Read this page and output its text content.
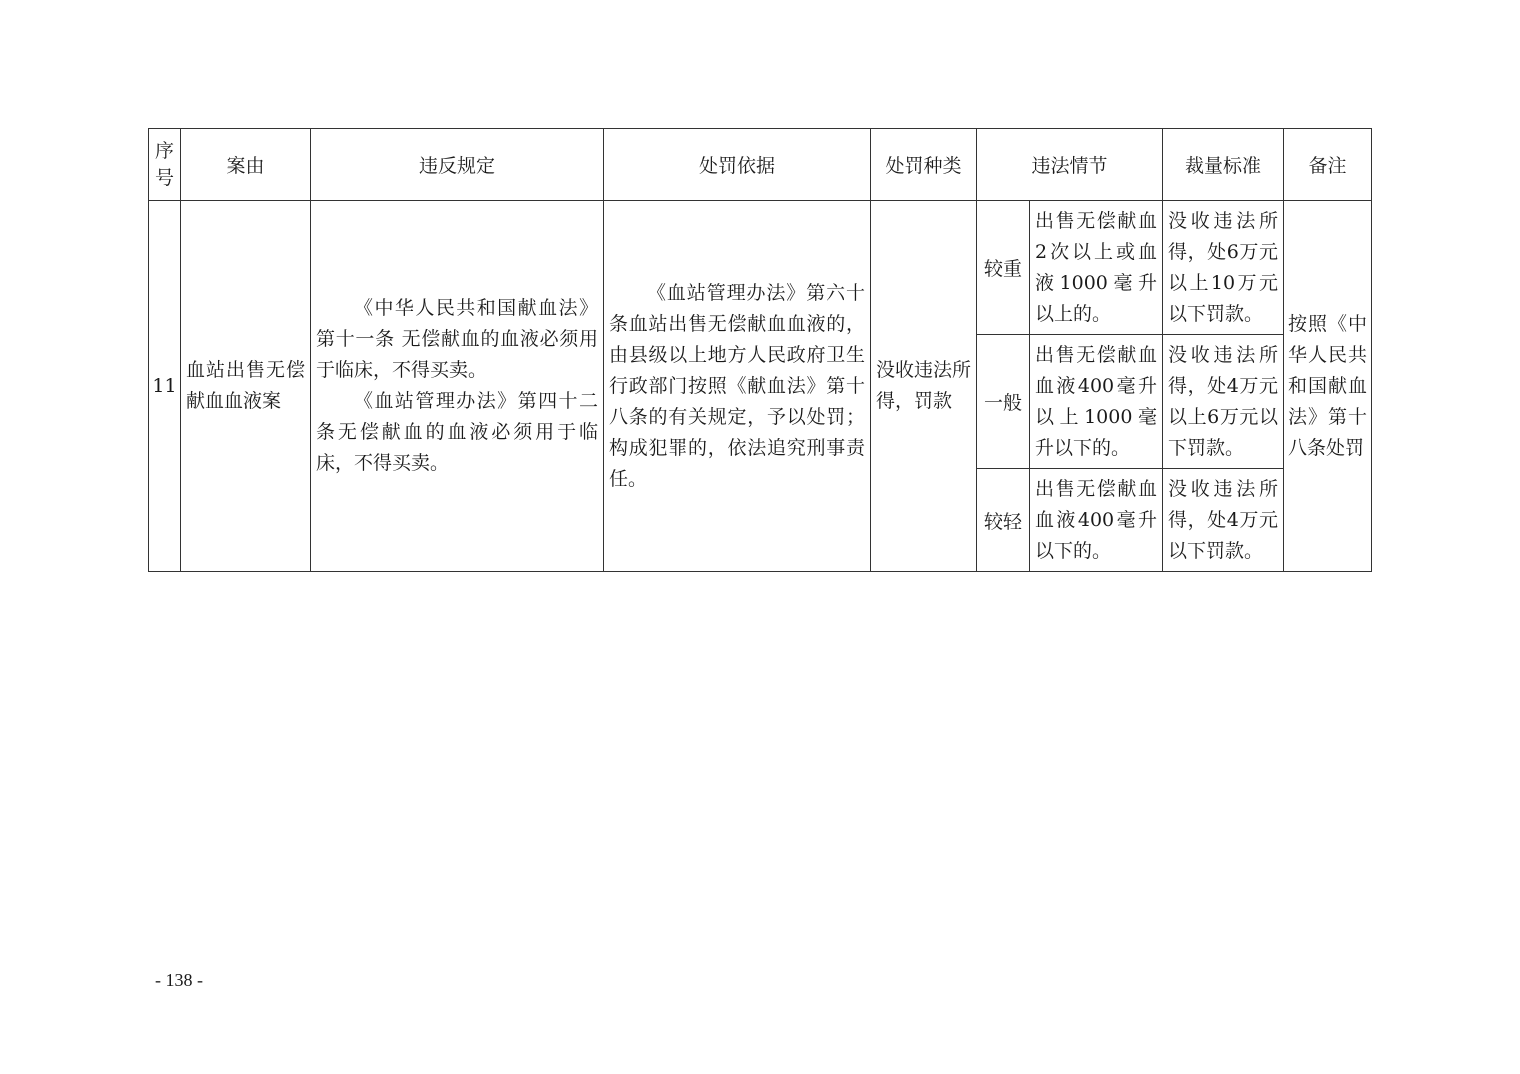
序号	案由	违反规定	处罚依据	处罚种类	违法情节		裁量标准	备注
11	血站出售无偿献血血液案	《中华人民共和国献血法》第十一条 无偿献血的血液必须用于临床，不得买卖。
《血站管理办法》第四十二条无偿献血的血液必须用于临床，不得买卖。	《血站管理办法》第六十条血站出售无偿献血血液的，由县级以上地方人民政府卫生行政部门按照《献血法》第十八条的有关规定，予以处罚；构成犯罪的，依法追究刑事责任。	没收违法所得，罚款	较重	出售无偿献血2次以上或血液1000毫升以上的。	没收违法所得，处6万元以上10万元以下罚款。	按照《中华人民共和国献血法》第十八条处罚

					一般	出售无偿献血血液400毫升以上1000毫升以下的。	没收违法所得，处4万元以上6万元以下罚款。	

					较轻	出售无偿献血血液400毫升以下的。	没收违法所得，处4万元以下罚款。	
- 138 -
